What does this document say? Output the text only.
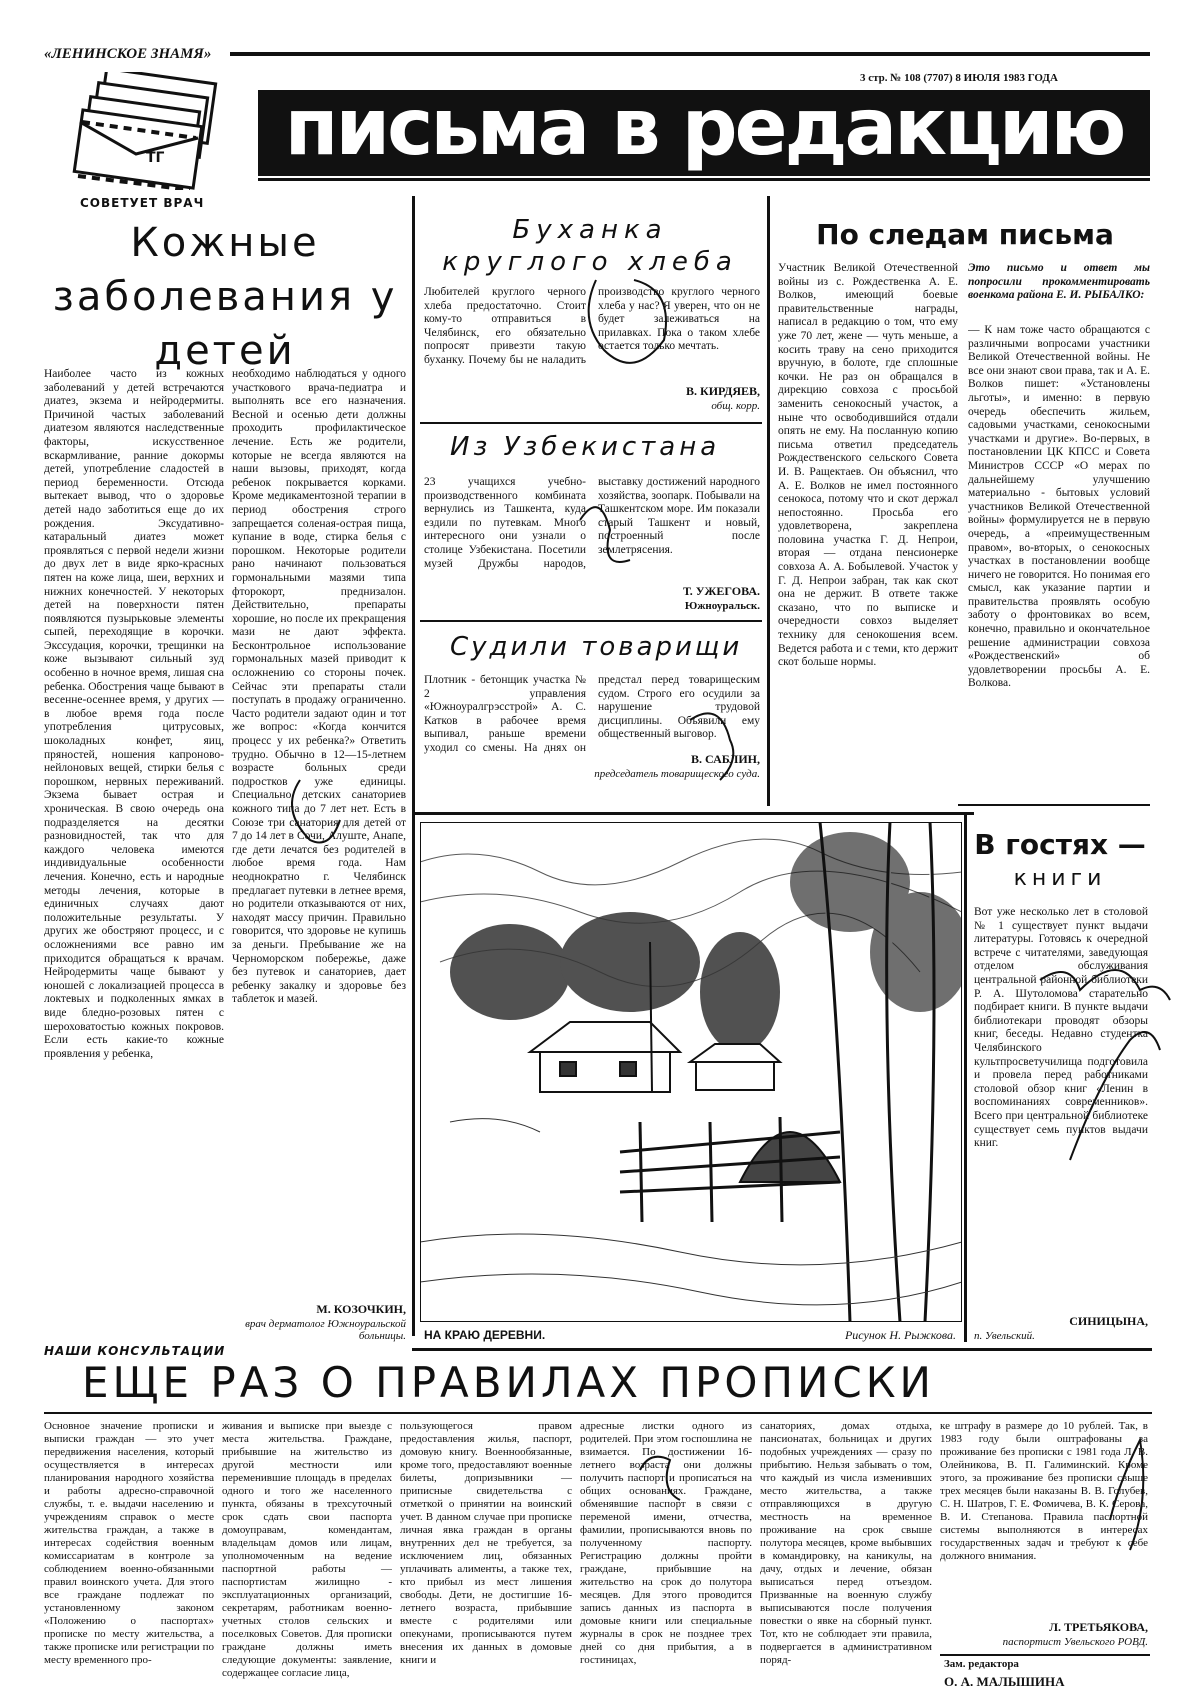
«ЛЕНИНСКОЕ ЗНАМЯ»
3 стр. № 108 (7707) 8 ИЮЛЯ 1983 ГОДА
ТГ письма в редакцию
СОВЕТУЕТ ВРАЧ
Кожные заболевания у детей
Наиболее часто из кожных заболеваний у детей встречаются диатез, экзема и нейродермиты. Причиной частых заболеваний диатезом являются наследственные факторы, искусственное вскармливание, ранние докормы детей, употребление сладостей в период беременности. Отсюда вытекает вывод, что о здоровье детей надо заботиться еще до их рождения. Эксудативно-катаральный диатез может проявляться с первой недели жизни до двух лет в виде ярко-красных пятен на коже лица, шеи, верхних и нижних конечностей. У некоторых детей на поверхности пятен появляются пузырьковые элементы сыпей, переходящие в корочки. Экссудация, корочки, трещинки на коже вызывают сильный зуд особенно в ночное время, лишая сна ребенка. Обострения чаще бывают в весенне-осеннее время, у других — в любое время года после употребления цитрусовых, шоколадных конфет, яиц, пряностей, ношения капроново-нейлоновых вещей, стирки белья с порошком, нервных переживаний. Экзема бывает острая и хроническая. В свою очередь она подразделяется на десятки разновидностей, так что для каждого человека имеются индивидуальные особенности лечения. Конечно, есть и народные методы лечения, которые в единичных случаях дают положительные результаты. У других же обостряют процесс, и с осложнениями все равно им приходится обращаться к врачам. Нейродермиты чаще бывают у юношей с локализацией процесса в локтевых и подколенных ямках в виде бледно-розовых пятен с шероховатостью кожных покровов. Если есть какие-то кожные проявления у ребенка,
необходимо наблюдаться у одного участкового врача-педиатра и выполнять все его назначения. Весной и осенью дети должны проходить профилактическое лечение. Есть же родители, которые не всегда являются на наши вызовы, приходят, когда ребенок покрывается корками. Кроме медикаментозной терапии в период обострения строго запрещается соленая-острая пища, купание в воде, стирка белья с порошком. Некоторые родители рано начинают пользоваться гормональными мазями типа фторокорт, преднизалон. Действительно, препараты хорошие, но после их прекращения мази не дают эффекта. Бесконтрольное использование гормональных мазей приводит к осложнению со стороны почек. Сейчас эти препараты стали поступать в продажу ограниченно. Часто родители задают один и тот же вопрос: «Когда кончится процесс у их ребенка?» Ответить трудно. Обычно в 12—15-летнем возрасте больных среди подростков уже единицы. Специально детских санаториев кожного типа до 7 лет нет. Есть в Союзе три санатория для детей от 7 до 14 лет в Сочи, Алуште, Анапе, где дети лечатся без родителей в любое время года. Нам неоднократно г. Челябинск предлагает путевки в летнее время, но родители отказываются от них, находят массу причин. Правильно говорится, что здоровье не купишь за деньги. Пребывание же на Черноморском побережье, даже без путевок и санаториев, дает ребенку закалку и здоровье без таблеток и мазей.
М. КОЗОЧКИН,
врач дерматолог Южноуральской больницы.
Буханка круглого хлеба
Любителей круглого черного хлеба предостаточно. Стоит кому-то отправиться в Челябинск, его обязательно попросят привезти такую буханку. Почему бы не наладить производство круглого черного хлеба у нас? Я уверен, что он не будет залеживаться на прилавках. Пока о таком хлебе остается только мечтать.
В. КИРДЯЕВ,
общ. корр.
Из Узбекистана
23 учащихся учебно-производственного комбината вернулись из Ташкента, куда ездили по путевкам. Много интересного они узнали о столице Узбекистана. Посетили музей Дружбы народов, выставку достижений народного хозяйства, зоопарк. Побывали на Ташкентском море. Им показали старый Ташкент и новый, построенный после землетрясения.
Т. УЖЕГОВА.
Южноуральск.
Судили товарищи
Плотник - бетонщик участка № 2 управления «Южноуралгрэсстрой» А. С. Катков в рабочее время выпивал, раньше времени уходил со смены. На днях он предстал перед товарищеским судом. Строго его осудили за нарушение трудовой дисциплины. Объявили ему общественный выговор.
В. САБЛИН,
председатель товарищеского суда.
По следам письма
Участник Великой Отечественной войны из с. Рождественка А. Е. Волков, имеющий боевые правительственные награды, написал в редакцию о том, что ему уже 70 лет, жене — чуть меньше, а косить траву на сено приходится вручную, в болоте, где сплошные кочки. Не раз он обращался в дирекцию совхоза с просьбой заменить сенокосный участок, а ныне что освободившийся отдали опять не ему. На посланную копию письма ответил председатель Рождественского сельского Совета И. В. Ращектаев. Он объяснил, что А. Е. Волков не имел постоянного сенокоса, потому что и скот держал непостоянно. Просьба его удовлетворена, закреплена половина участка Г. Д. Непрои, вторая — отдана пенсионерке совхоза А. А. Бобылевой. Участок у Г. Д. Непрои забран, так как скот она не держит. В ответе также сказано, что по выписке и очередности совхоз выделяет технику для сенокошения всем. Ведется работа и с теми, кто держит скот больше нормы.
Это письмо и ответ мы попросили прокомментировать военкома района Е. И. РЫБАЛКО:
— К нам тоже часто обращаются с различными вопросами участники Великой Отечественной войны. Не все они знают свои права, так и А. Е. Волков пишет: «Установлены льготы», и именно: в первую очередь обеспечить жильем, садовыми участками, сенокосными участками и другие». Во-первых, в постановлении ЦК КПСС и Совета Министров СССР «О мерах по дальнейшему улучшению материально - бытовых условий участников Великой Отечественной войны» формулируется не в первую очередь, а «преимущественным правом», во-вторых, о сенокосных участках в постановлении вообще ничего не говорится. Но понимая его смысл, как указание партии и правительства проявлять особую заботу о фронтовиках во всем, конечно, правильно и окончательное решение администрации совхоза «Рождественский» об удовлетворении просьбы А. Е. Волкова.
НА КРАЮ ДЕРЕВНИ.	Рисунок Н. Рыжкова.
В гостях —
книги
Вот уже несколько лет в столовой № 1 существует пункт выдачи литературы. Готовясь к очередной встрече с читателями, заведующая отделом обслуживания центральной районной библиотеки Р. А. Шутоломова старательно подбирает книги. В пункте выдачи библиотекари проводят обзоры книг, беседы. Недавно студентка Челябинского культпросветучилища подготовила и провела перед работниками столовой обзор книг «Ленин в воспоминаниях современников». Всего при центральной библиотеке существует семь пунктов выдачи книг.
СИНИЦЫНА,
п. Увельский.
НАШИ КОНСУЛЬТАЦИИ
ЕЩЕ РАЗ О ПРАВИЛАХ ПРОПИСКИ
Основное значение прописки и выписки граждан — это учет передвижения населения, который осуществляется в интересах планирования народного хозяйства и работы адресно-справочной службы, т. е. выдачи населению и учреждениям справок о месте жительства граждан, а также в интересах содействия военным комиссариатам в контроле за соблюдением военно-обязанными правил воинского учета. Для этого все граждане подлежат по установленному законом «Положению о паспортах» прописке по месту жительства, а также прописке или регистрации по месту временного про-
живания и выписке при выезде с места жительства. Граждане, прибывшие на жительство из другой местности или переменившие площадь в пределах одного и того же населенного пункта, обязаны в трехсуточный срок сдать свои паспорта домоуправам, комендантам, владельцам домов или лицам, уполномоченным на ведение паспортной работы — паспортистам жилищно - эксплуатационных организаций, секретарям, работникам военно-учетных столов сельских и поселковых Советов. Для прописки граждане должны иметь следующие документы: заявление, содержащее согласие лица,
пользующегося правом предоставления жилья, паспорт, домовую книгу. Военнообязанные, кроме того, предоставляют военные билеты, допризывники — приписные свидетельства с отметкой о принятии на воинский учет. В данном случае при прописке личная явка граждан в органы внутренних дел не требуется, за исключением лиц, обязанных уплачивать алименты, а также тех, кто прибыл из мест лишения свободы. Дети, не достигшие 16-летнего возраста, прибывшие вместе с родителями или опекунами, прописываются путем внесения их данных в домовые книги и
адресные листки одного из родителей. При этом госпошлина не взимается. По достижении 16-летнего возраста они должны получить паспорт и прописаться на общих основаниях. Граждане, обменявшие паспорт в связи с переменой имени, отчества, фамилии, прописываются вновь по полученному паспорту. Регистрацию должны пройти граждане, прибывшие на жительство на срок до полутора месяцев. Для этого проводится запись данных из паспорта в домовые книги или специальные журналы в срок не позднее трех дней со дня прибытия, а в гостиницах,
санаториях, домах отдыха, пансионатах, больницах и других подобных учреждениях — сразу по прибытию. Нельзя забывать о том, что каждый из числа изменивших место жительства, а также отправляющихся в другую местность на временное проживание на срок свыше полутора месяцев, кроме выбывших в командировку, на каникулы, на дачу, отдых и лечение, обязан выписаться перед отъездом. Призванные на военную службу выписываются после получения повестки о явке на сборный пункт. Тот, кто не соблюдает эти правила, подвергается в административном поряд-
ке штрафу в размере до 10 рублей. Так, в 1983 году были оштрафованы за проживание без прописки с 1981 года Л. В. Олейникова, В. П. Галиминский. Кроме этого, за проживание без прописки свыше трех месяцев были наказаны В. В. Голубев, С. Н. Шатров, Г. Е. Фомичева, В. К. Серова, В. И. Степанова. Правила паспортной системы выполняются в интересах государственных задач и требуют к себе должного внимания.
Л. ТРЕТЬЯКОВА,
паспортист Увельского РОВД.
Зам. редактора
О. А. МАЛЫШИНА
